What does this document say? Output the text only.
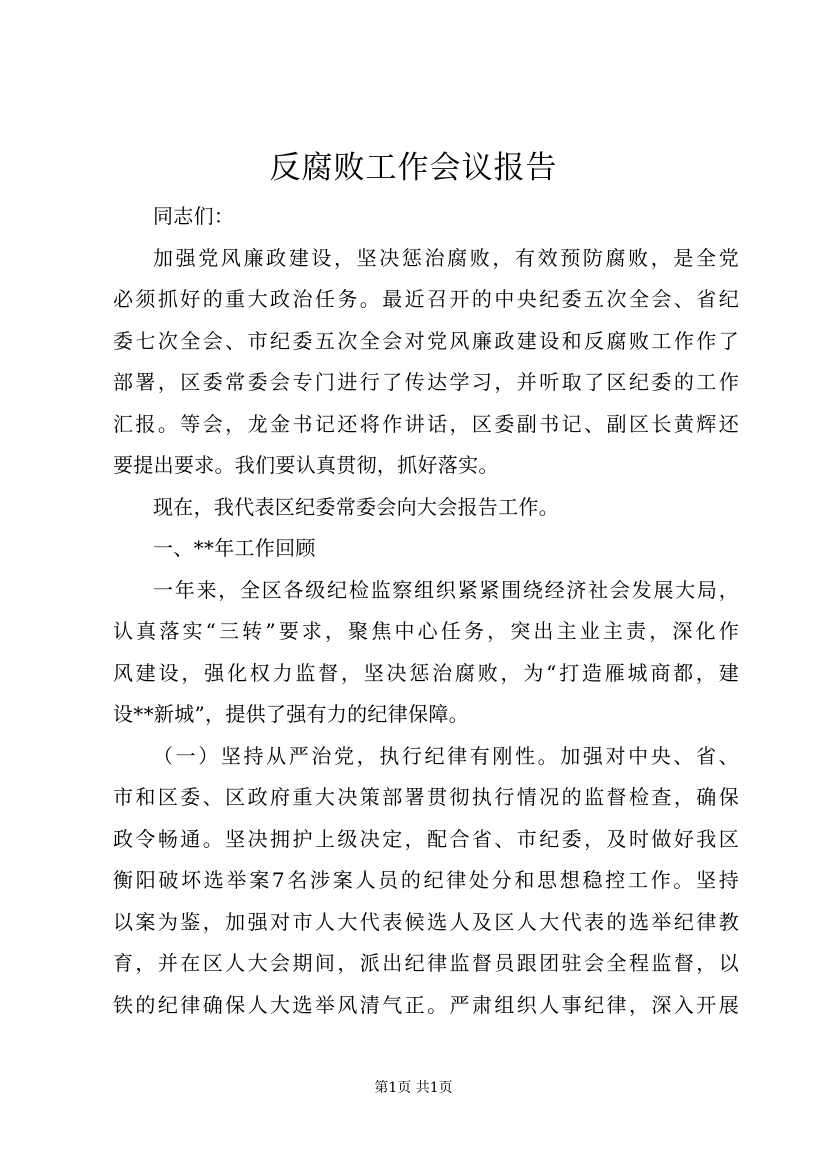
反腐败工作会议报告
同志们：
加强党风廉政建设，坚决惩治腐败，有效预防腐败，是全党
必须抓好的重大政治任务。最近召开的中央纪委五次全会、省纪
委七次全会、市纪委五次全会对党风廉政建设和反腐败工作作了
部署，区委常委会专门进行了传达学习，并听取了区纪委的工作
汇报。等会，龙金书记还将作讲话，区委副书记、副区长黄辉还
要提出要求。我们要认真贯彻，抓好落实。
现在，我代表区纪委常委会向大会报告工作。
一、**年工作回顾
一年来，全区各级纪检监察组织紧紧围绕经济社会发展大局，
认真落实“三转”要求，聚焦中心任务，突出主业主责，深化作
风建设，强化权力监督，坚决惩治腐败，为“打造雁城商都，建
设**新城”，提供了强有力的纪律保障。
（一）坚持从严治党，执行纪律有刚性。加强对中央、省、
市和区委、区政府重大决策部署贯彻执行情况的监督检查，确保
政令畅通。坚决拥护上级决定，配合省、市纪委，及时做好我区
衡阳破坏选举案7名涉案人员的纪律处分和思想稳控工作。坚持
以案为鉴，加强对市人大代表候选人及区人大代表的选举纪律教
育，并在区人大会期间，派出纪律监督员跟团驻会全程监督，以
铁的纪律确保人大选举风清气正。严肃组织人事纪律，深入开展
第1页 共1页
